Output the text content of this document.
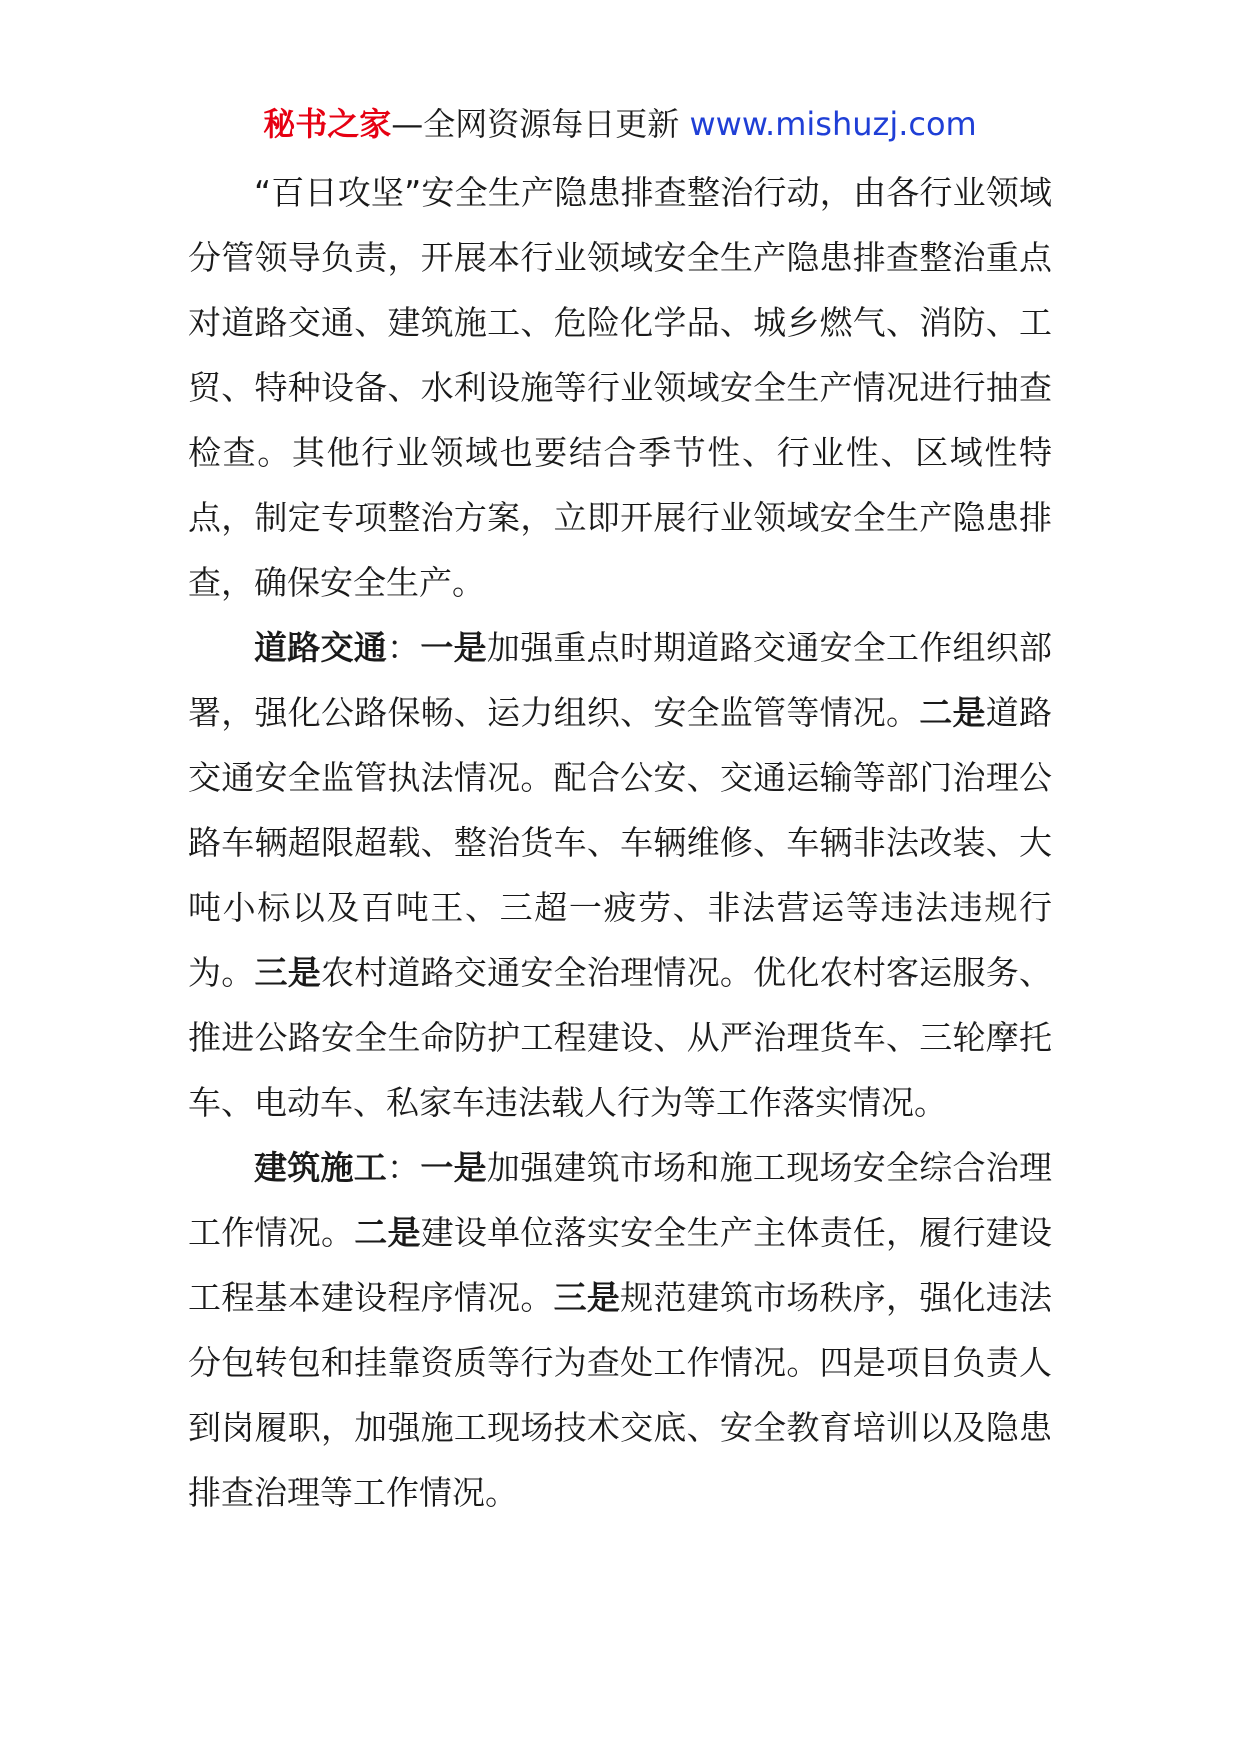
秘书之家—全网资源每日更新 www.mishuzj.com

“百日攻坚”安全生产隐患排查整治行动，由各行业领域分管领导负责，开展本行业领域安全生产隐患排查整治重点对道路交通、建筑施工、危险化学品、城乡燃气、消防、工贸、特种设备、水利设施等行业领域安全生产情况进行抽查检查。其他行业领域也要结合季节性、行业性、区域性特点，制定专项整治方案，立即开展行业领域安全生产隐患排查，确保安全生产。

道路交通：一是加强重点时期道路交通安全工作组织部署，强化公路保畅、运力组织、安全监管等情况。二是道路交通安全监管执法情况。配合公安、交通运输等部门治理公路车辆超限超载、整治货车、车辆维修、车辆非法改装、大吨小标以及百吨王、三超一疲劳、非法营运等违法违规行为。三是农村道路交通安全治理情况。优化农村客运服务、推进公路安全生命防护工程建设、从严治理货车、三轮摩托车、电动车、私家车违法载人行为等工作落实情况。

建筑施工：一是加强建筑市场和施工现场安全综合治理工作情况。二是建设单位落实安全生产主体责任，履行建设工程基本建设程序情况。三是规范建筑市场秩序，强化违法分包转包和挂靠资质等行为查处工作情况。四是项目负责人到岗履职，加强施工现场技术交底、安全教育培训以及隐患排查治理等工作情况。
